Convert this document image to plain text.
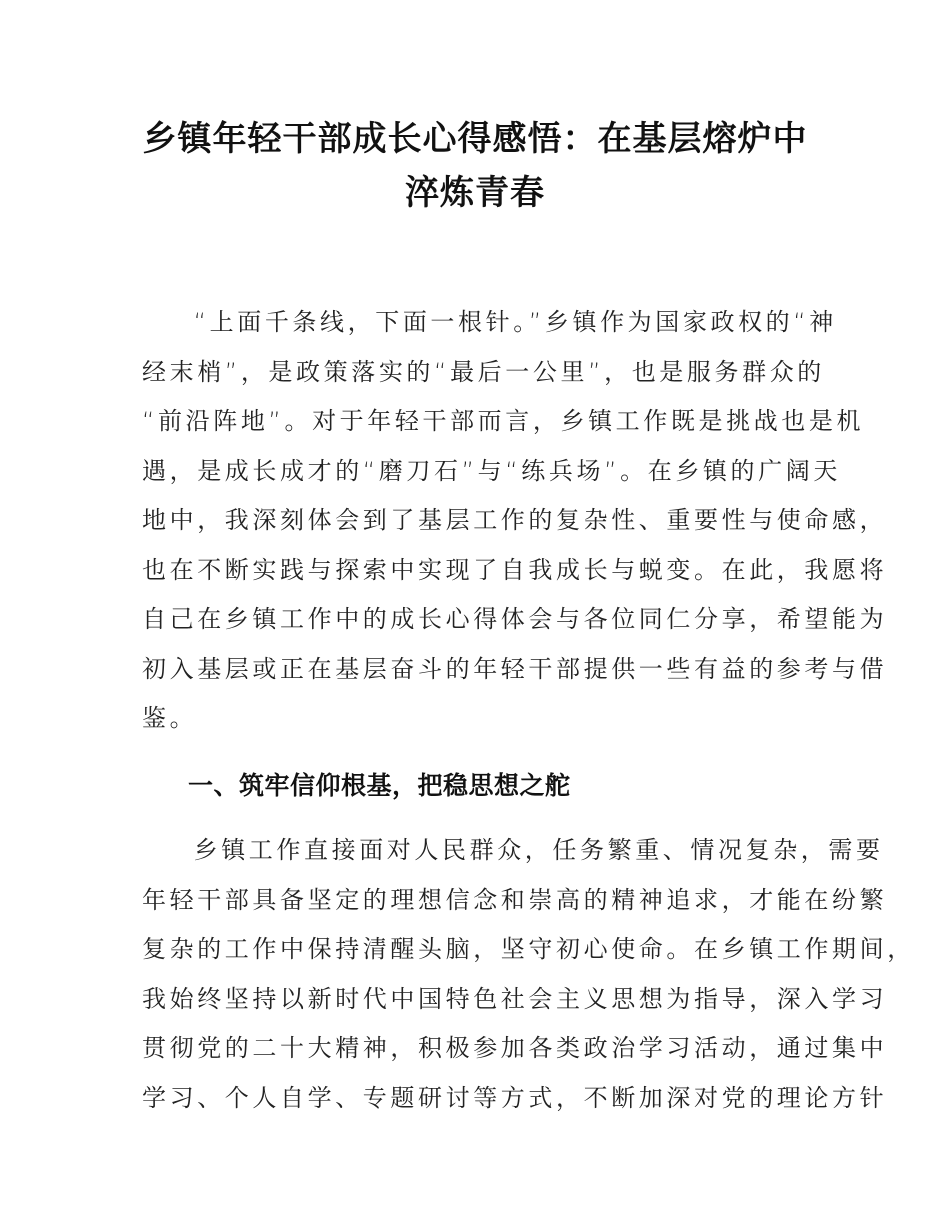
乡镇年轻干部成长心得感悟：在基层熔炉中
淬炼青春
　“上面千条线，下面一根针。”乡镇作为国家政权的“神
经末梢”，是政策落实的“最后一公里”，也是服务群众的
“前沿阵地”。对于年轻干部而言，乡镇工作既是挑战也是机
遇，是成长成才的“磨刀石”与“练兵场”。在乡镇的广阔天
地中，我深刻体会到了基层工作的复杂性、重要性与使命感，
也在不断实践与探索中实现了自我成长与蜕变。在此，我愿将
自己在乡镇工作中的成长心得体会与各位同仁分享，希望能为
初入基层或正在基层奋斗的年轻干部提供一些有益的参考与借
鉴。
一、筑牢信仰根基，把稳思想之舵
　乡镇工作直接面对人民群众，任务繁重、情况复杂，需要
年轻干部具备坚定的理想信念和崇高的精神追求，才能在纷繁
复杂的工作中保持清醒头脑，坚守初心使命。在乡镇工作期间，
我始终坚持以新时代中国特色社会主义思想为指导，深入学习
贯彻党的二十大精神，积极参加各类政治学习活动，通过集中
学习、个人自学、专题研讨等方式，不断加深对党的理论方针
